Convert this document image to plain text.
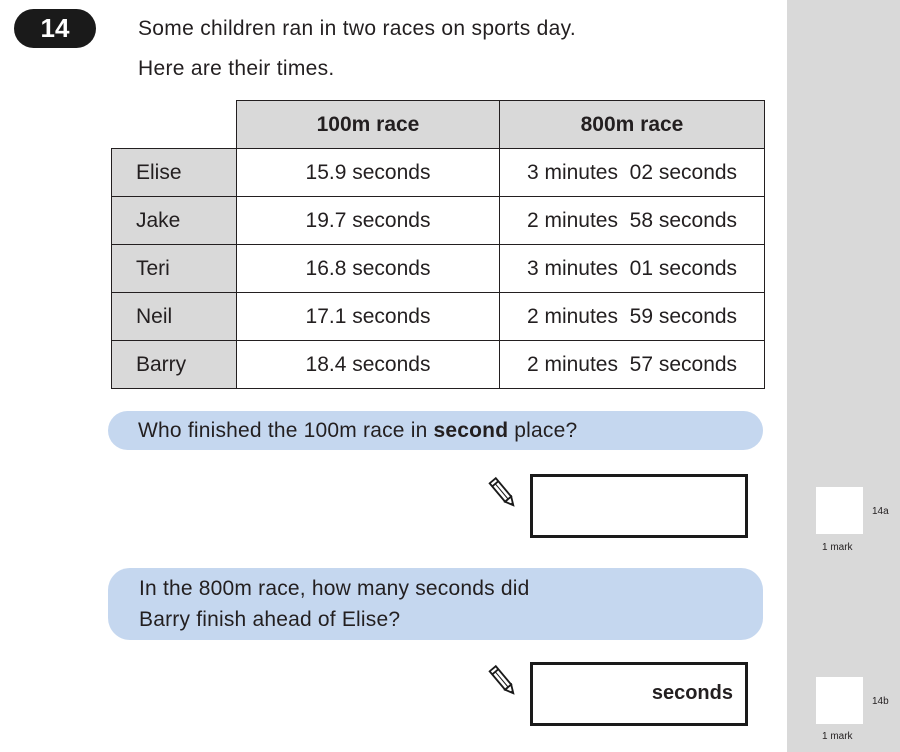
14	Some children ran in two races on sports day.
Here are their times.
	100m race	800m race
Elise	15.9 seconds	3 minutes  02 seconds
Jake	19.7 seconds	2 minutes  58 seconds
Teri	16.8 seconds	3 minutes  01 seconds
Neil	17.1 seconds	2 minutes  59 seconds
Barry	18.4 seconds	2 minutes  57 seconds
Who finished the 100m race in second place?
14a
1 mark
In the 800m race, how many seconds did
Barry finish ahead of Elise?
seconds	14b
1 mark
